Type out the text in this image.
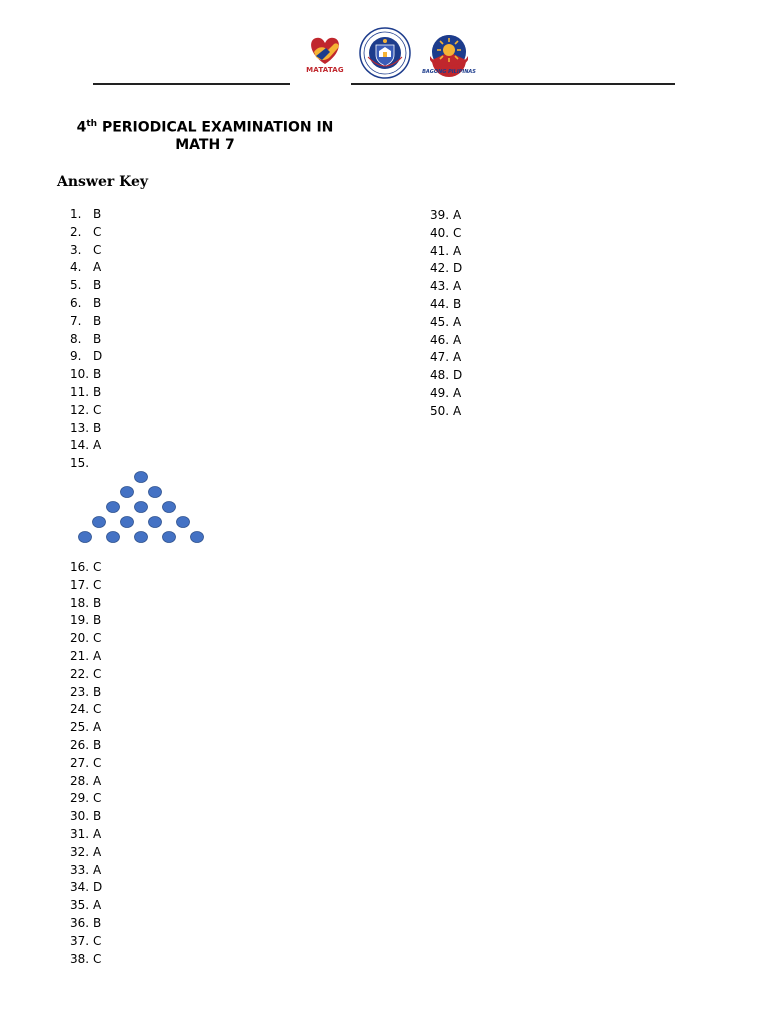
MATATAG	BAGONG PILIPINAS
4th PERIODICAL EXAMINATION IN
MATH 7
Answer Key
1. B
2. C
3. C
4. A
5. B
6. B
7. B
8. B
9. D
10. B
11. B
12. C
13. B
14. A
15.
16. C
17. C
18. B
19. B
20. C
21. A
22. C
23. B
24. C
25. A
26. B
27. C
28. A
29. C
30. B
31. A
32. A
33. A
34. D
35. A
36. B
37. C
38. C
39. A
40. C
41. A
42. D
43. A
44. B
45. A
46. A
47. A
48. D
49. A
50. A
